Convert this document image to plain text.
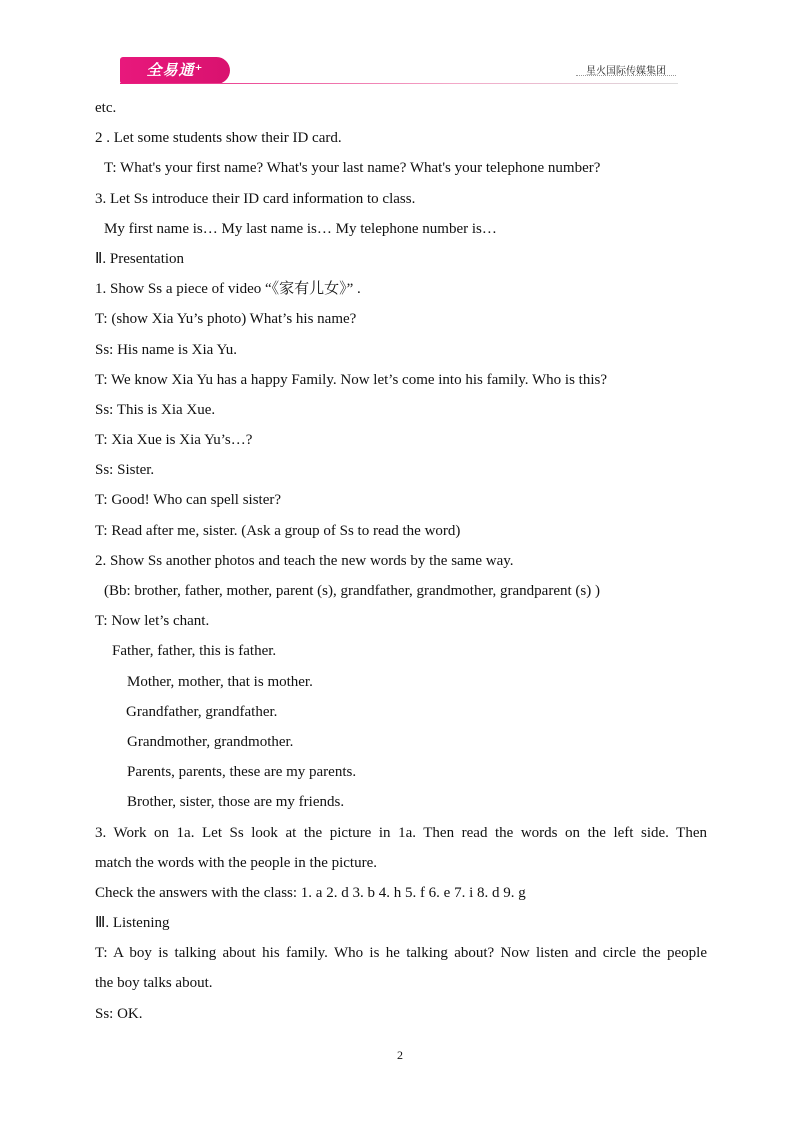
全易通⁺	星火国际传媒集团
etc.
2 . Let some students show their ID card.
T: What's your first name? What's your last name? What's your telephone number?
3. Let Ss introduce their ID card information to class.
My first name is… My last name is… My telephone number is…
Ⅱ. Presentation
1. Show Ss a piece of video “《家有儿女》” .
T: (show Xia Yu’s photo) What’s his name?
Ss: His name is Xia Yu.
T: We know Xia Yu has a happy Family. Now let’s come into his family. Who is this?
Ss: This is Xia Xue.
T: Xia Xue is Xia Yu’s…?
Ss: Sister.
T: Good! Who can spell sister?
T: Read after me, sister. (Ask a group of Ss to read the word)
2. Show Ss another photos and teach the new words by the same way.
(Bb: brother, father, mother, parent (s), grandfather, grandmother, grandparent (s) )
T: Now let’s chant.
Father, father, this is father.
Mother, mother, that is mother.
Grandfather, grandfather.
Grandmother, grandmother.
Parents, parents, these are my parents.
Brother, sister, those are my friends.
3. Work on 1a. Let Ss look at the picture in 1a. Then read the words on the left side. Then
match the words with the people in the picture.
Check the answers with the class: 1. a 2. d 3. b 4. h 5. f 6. e 7. i 8. d 9. g
Ⅲ. Listening
T: A boy is talking about his family. Who is he talking about? Now listen and circle the people
the boy talks about.
Ss: OK.
2
